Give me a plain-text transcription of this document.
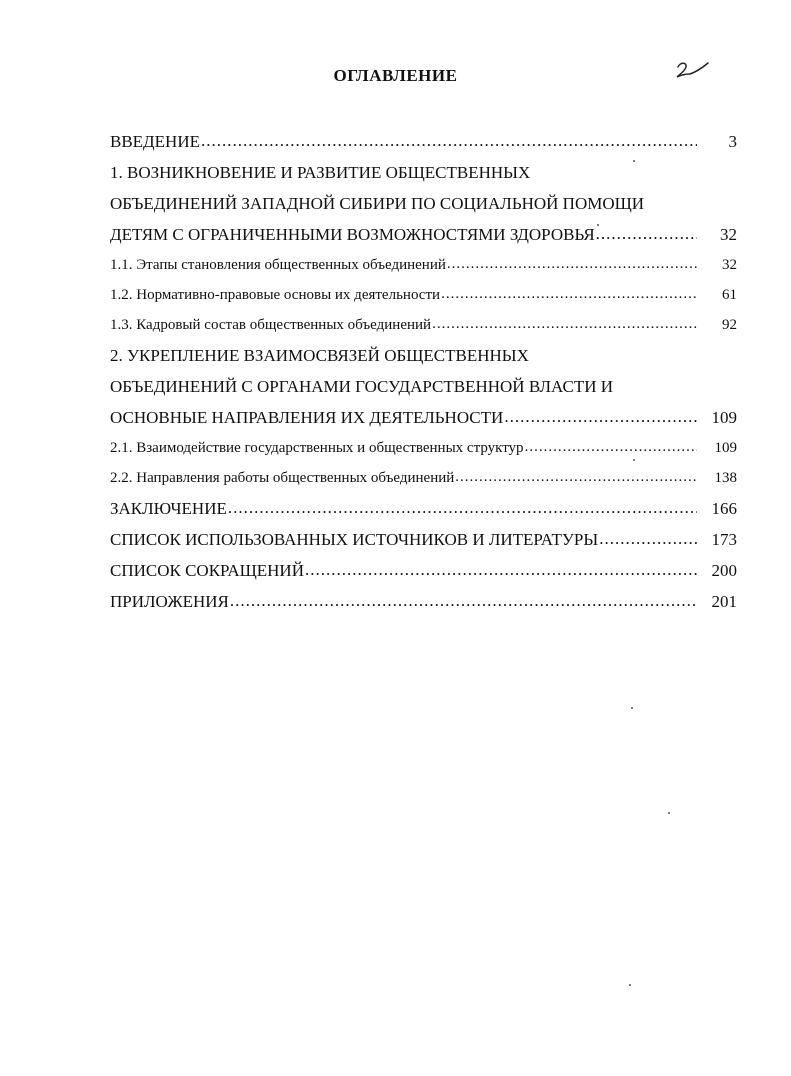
ОГЛАВЛЕНИЕ
ВВЕДЕНИЕ .....	3
1. ВОЗНИКНОВЕНИЕ И РАЗВИТИЕ ОБЩЕСТВЕННЫХ
ОБЪЕДИНЕНИЙ ЗАПАДНОЙ СИБИРИ ПО СОЦИАЛЬНОЙ ПОМОЩИ
ДЕТЯМ С ОГРАНИЧЕННЫМИ ВОЗМОЖНОСТЯМИ ЗДОРОВЬЯ .....	32
1.1. Этапы становления общественных объединений .....	32
1.2. Нормативно-правовые основы их деятельности .....	61
1.3. Кадровый состав общественных объединений .....	92
2. УКРЕПЛЕНИЕ ВЗАИМОСВЯЗЕЙ ОБЩЕСТВЕННЫХ
ОБЪЕДИНЕНИЙ С ОРГАНАМИ ГОСУДАРСТВЕННОЙ ВЛАСТИ И
ОСНОВНЫЕ НАПРАВЛЕНИЯ ИХ ДЕЯТЕЛЬНОСТИ .....	109
2.1. Взаимодействие государственных и общественных структур .....	109
2.2. Направления работы общественных объединений .....	138
ЗАКЛЮЧЕНИЕ .....	166
СПИСОК ИСПОЛЬЗОВАННЫХ ИСТОЧНИКОВ И ЛИТЕРАТУРЫ .....	173
СПИСОК СОКРАЩЕНИЙ .....	200
ПРИЛОЖЕНИЯ .....	201
